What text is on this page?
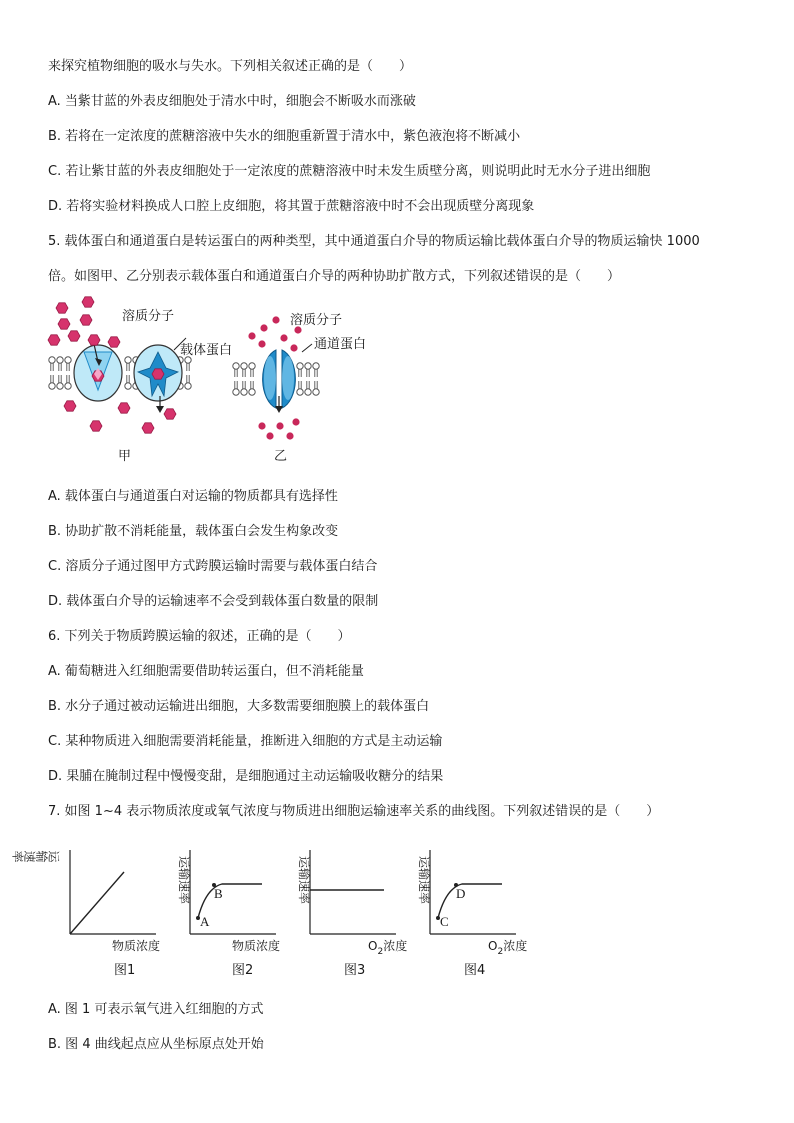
来探究植物细胞的吸水与失水。下列相关叙述正确的是（　　）
A. 当紫甘蓝的外表皮细胞处于清水中时，细胞会不断吸水而涨破
B. 若将在一定浓度的蔗糖溶液中失水的细胞重新置于清水中，紫色液泡将不断减小
C. 若让紫甘蓝的外表皮细胞处于一定浓度的蔗糖溶液中时未发生质壁分离，则说明此时无水分子进出细胞
D. 若将实验材料换成人口腔上皮细胞，将其置于蔗糖溶液中时不会出现质壁分离现象
5. 载体蛋白和通道蛋白是转运蛋白的两种类型，其中通道蛋白介导的物质运输比载体蛋白介导的物质运输快 1000
倍。如图甲、乙分别表示载体蛋白和通道蛋白介导的两种协助扩散方式，下列叙述错误的是（　　）
溶质分子
载体蛋白
甲
溶质分子
通道蛋白
乙
A. 载体蛋白与通道蛋白对运输的物质都具有选择性
B. 协助扩散不消耗能量，载体蛋白会发生构象改变
C. 溶质分子通过图甲方式跨膜运输时需要与载体蛋白结合
D. 载体蛋白介导的运输速率不会受到载体蛋白数量的限制
6. 下列关于物质跨膜运输的叙述，正确的是（　　）
A. 葡萄糖进入红细胞需要借助转运蛋白，但不消耗能量
B. 水分子通过被动运输进出细胞，大多数需要细胞膜上的载体蛋白
C. 某种物质进入细胞需要消耗能量，推断进入细胞的方式是主动运输
D. 果脯在腌制过程中慢慢变甜，是细胞通过主动运输吸收糖分的结果
7. 如图 1~4 表示物质浓度或氧气浓度与物质进出细胞运输速率关系的曲线图。下列叙述错误的是（　　）
运输速率
物质浓度
图1
A
B
运输速率
物质浓度
图2
运输速率
$O_2$浓度
图3
C
D
运输速率
$O_2$浓度
图4
A. 图 1 可表示氧气进入红细胞的方式
B. 图 4 曲线起点应从坐标原点处开始
